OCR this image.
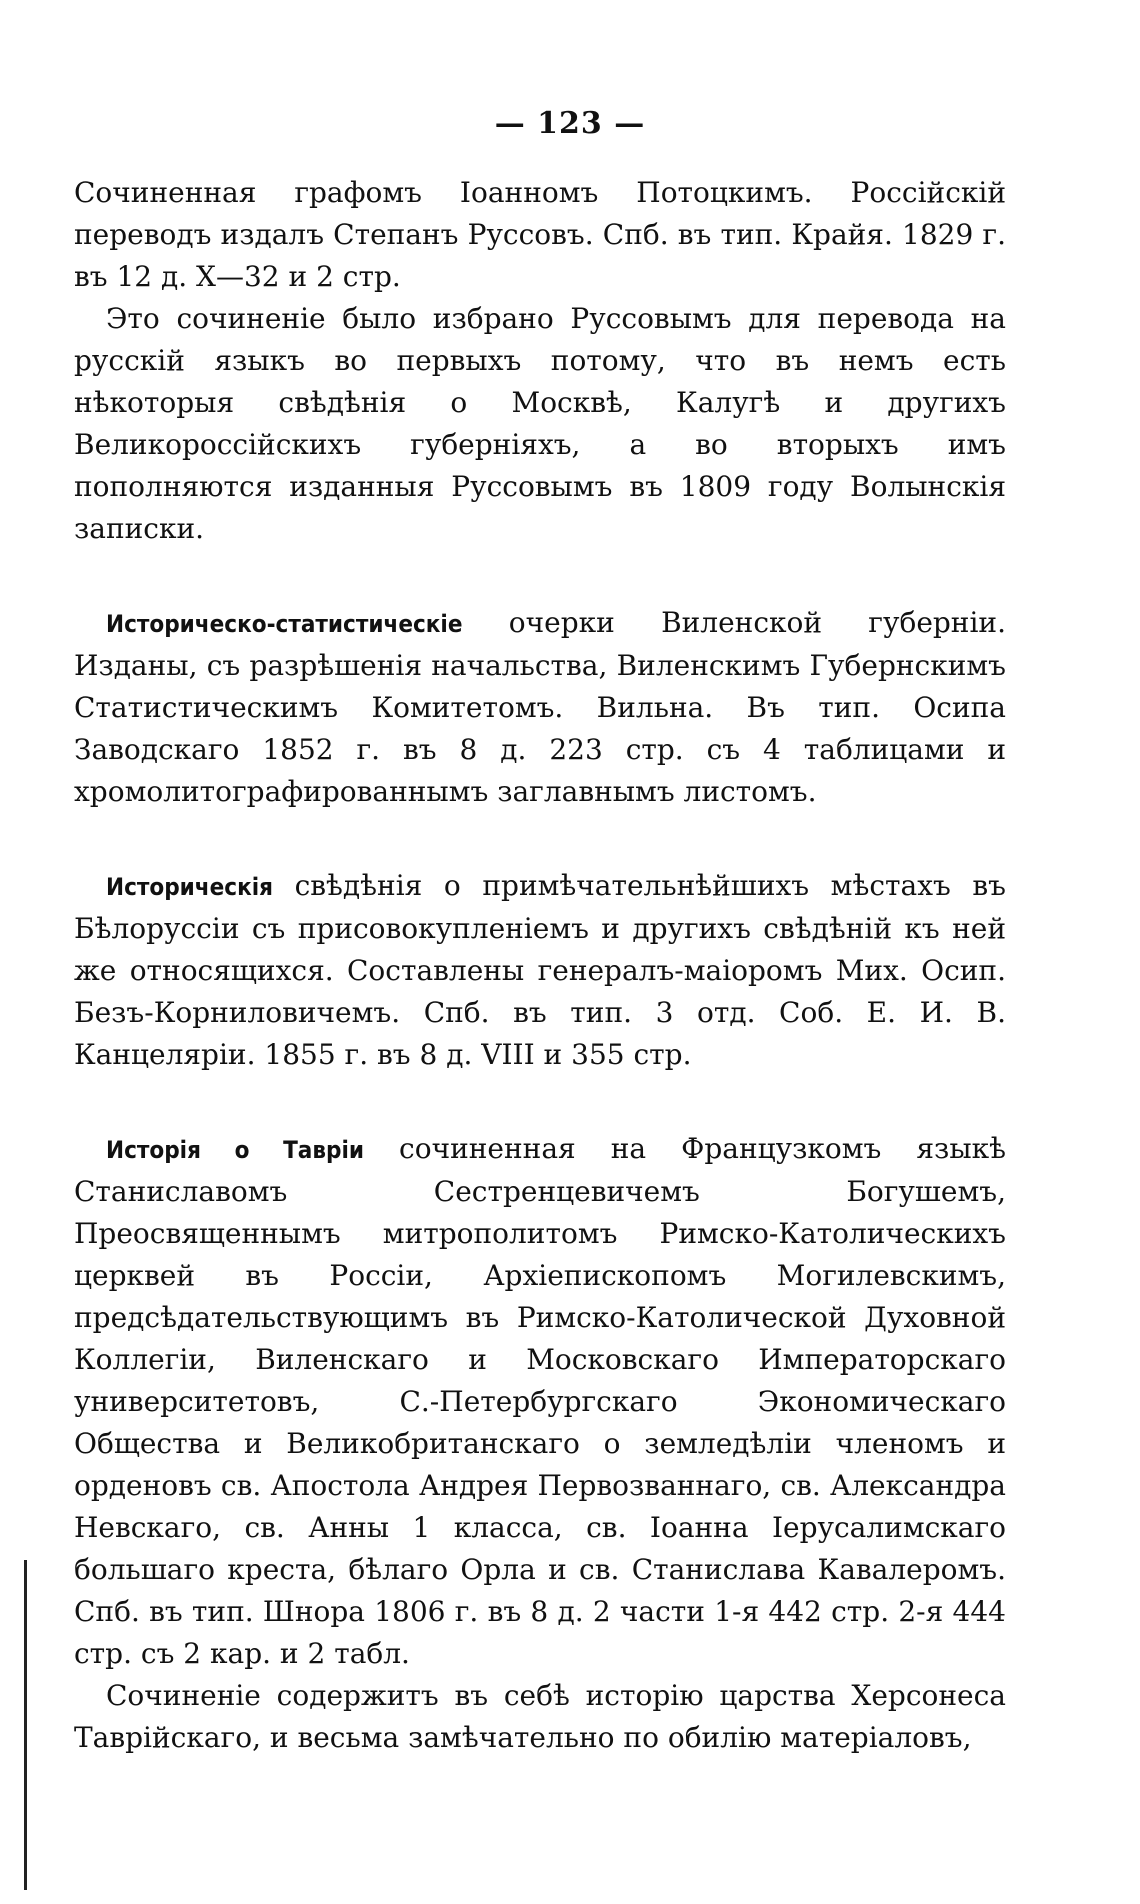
— 123 —

Сочиненная графомъ Іоанномъ Потоцкимъ. Россійскій переводъ издалъ Степанъ Руссовъ. Спб. въ тип. Крайя. 1829 г. въ 12 д. X—32 и 2 стр.

Это сочиненіе было избрано Руссовымъ для перевода на русскій языкъ во первыхъ потому, что въ немъ есть нѣкоторыя свѣдѣнія о Москвѣ, Калугѣ и другихъ Великороссійскихъ губерніяхъ, а во вторыхъ имъ пополняются изданныя Руссовымъ въ 1809 году Волынскія записки.

Историческо-статистическіе очерки Виленской губерніи. Изданы, съ разрѣшенія начальства, Виленскимъ Губернскимъ Статистическимъ Комитетомъ. Вильна. Въ тип. Осипа Заводскаго 1852 г. въ 8 д. 223 стр. съ 4 таблицами и хромолитографированнымъ заглавнымъ листомъ.

Историческія свѣдѣнія о примѣчательнѣйшихъ мѣстахъ въ Бѣлоруссіи съ присовокупленіемъ и другихъ свѣдѣній къ ней же относящихся. Составлены генералъ-маіоромъ Мих. Осип. Безъ-Корниловичемъ. Спб. въ тип. 3 отд. Соб. Е. И. В. Канцеляріи. 1855 г. въ 8 д. VIII и 355 стр.

Исторія о Тавріи сочиненная на Французкомъ языкѣ Станиславомъ Сестренцевичемъ Богушемъ, Преосвященнымъ митрополитомъ Римско-Католическихъ церквей въ Россіи, Архіепископомъ Могилевскимъ, предсѣдательствующимъ въ Римско-Католической Духовной Коллегіи, Виленскаго и Московскаго Императорскаго университетовъ, С.-Петербургскаго Экономическаго Общества и Великобританскаго о земледѣліи членомъ и орденовъ св. Апостола Андрея Первозваннаго, св. Александра Невскаго, св. Анны 1 класса, св. Іоанна Іерусалимскаго большаго креста, бѣлаго Орла и св. Станислава Кавалеромъ. Спб. въ тип. Шнора 1806 г. въ 8 д. 2 части 1-я 442 стр. 2-я 444 стр. съ 2 кар. и 2 табл.

Сочиненіе содержитъ въ себѣ исторію царства Херсонеса Таврійскаго, и весьма замѣчательно по обилію матеріаловъ,
